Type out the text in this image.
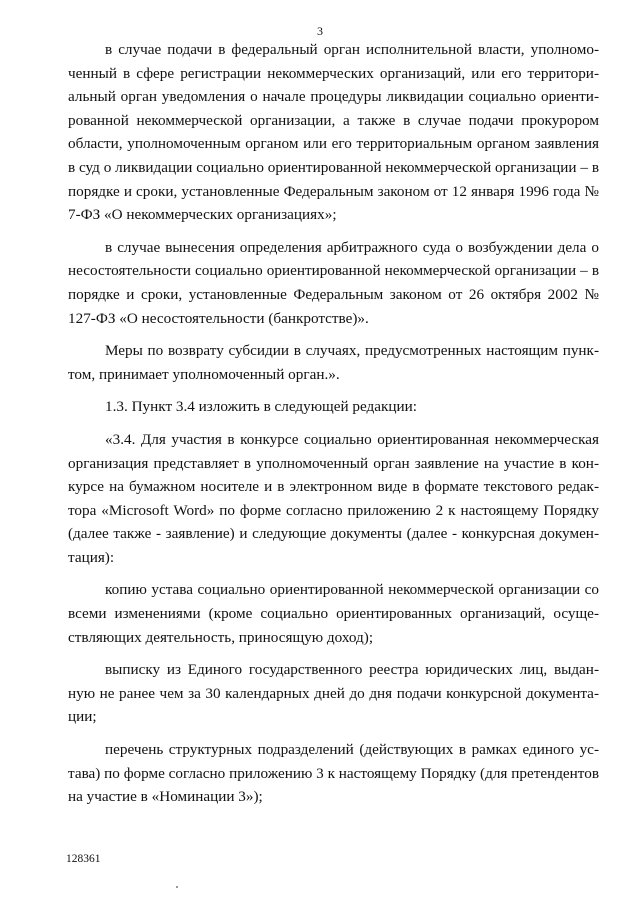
3

в случае подачи в федеральный орган исполнительной власти, уполномоченный в сфере регистрации некоммерческих организаций, или его территориальный орган уведомления о начале процедуры ликвидации социально ориентированной некоммерческой организации, а также в случае подачи прокурором области, уполномоченным органом или его территориальным органом заявления в суд о ликвидации социально ориентированной некоммерческой организации – в порядке и сроки, установленные Федеральным законом от 12 января 1996 года № 7-ФЗ «О некоммерческих организациях»;

в случае вынесения определения арбитражного суда о возбуждении дела о несостоятельности социально ориентированной некоммерческой организации – в порядке и сроки, установленные Федеральным законом от 26 октября 2002 № 127-ФЗ «О несостоятельности (банкротстве)».

Меры по возврату субсидии в случаях, предусмотренных настоящим пунктом, принимает уполномоченный орган.».

1.3. Пункт 3.4 изложить в следующей редакции:

«3.4. Для участия в конкурсе социально ориентированная некоммерческая организация представляет в уполномоченный орган заявление на участие в конкурсе на бумажном носителе и в электронном виде в формате текстового редактора «Microsoft Word» по форме согласно приложению 2 к настоящему Порядку (далее также - заявление) и следующие документы (далее - конкурсная документация):

копию устава социально ориентированной некоммерческой организации со всеми изменениями (кроме социально ориентированных организаций, осуществляющих деятельность, приносящую доход);

выписку из Единого государственного реестра юридических лиц, выданную не ранее чем за 30 календарных дней до дня подачи конкурсной документации;

перечень структурных подразделений (действующих в рамках единого устава) по форме согласно приложению 3 к настоящему Порядку (для претендентов на участие в «Номинации 3»);

128361
